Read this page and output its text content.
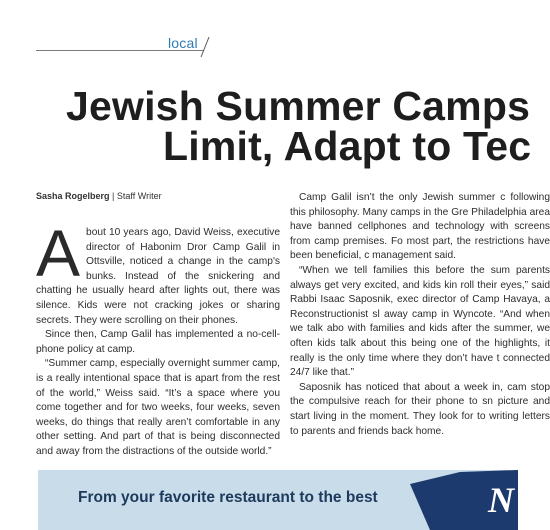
local
Jewish Summer Camps
Limit, Adapt to Tec
Sasha Rogelberg | Staff Writer

About 10 years ago, David Weiss, executive director of Habonim Dror Camp Galil in Ottsville, noticed a change in the camp's bunks. Instead of the snickering and chatting he usually heard after lights out, there was silence. Kids were not cracking jokes or sharing secrets. They were scrolling on their phones.

Since then, Camp Galil has implemented a no-cell-phone policy at camp.

“Summer camp, especially overnight summer camp, is a really intentional space that is apart from the rest of the world,” Weiss said. “It’s a space where you come together and for two weeks, four weeks, seven weeks, do things that really aren’t comfortable in any other setting. And part of that is being disconnected and away from the distractions of the outside world.”

Camp Galil isn’t the only Jewish summer c following this philosophy. Many camps in the Gre Philadelphia area have banned cellphones and technology with screens from camp premises. Fo most part, the restrictions have been beneficial, c management said.

“When we tell families this before the sum parents always get very excited, and kids kin roll their eyes,” said Rabbi Isaac Saposnik, exec director of Camp Havaya, a Reconstructionist sl away camp in Wyncote. “And when we talk abo with families and kids after the summer, we often kids talk about this being one of the highlights, it really is the only time where they don’t have t connected 24/7 like that.”

Saposnik has noticed that about a week in, cam stop the compulsive reach for their phone to sn picture and start living in the moment. They look for to writing letters to parents and friends back home.

From your favorite restaurant to the best	N
